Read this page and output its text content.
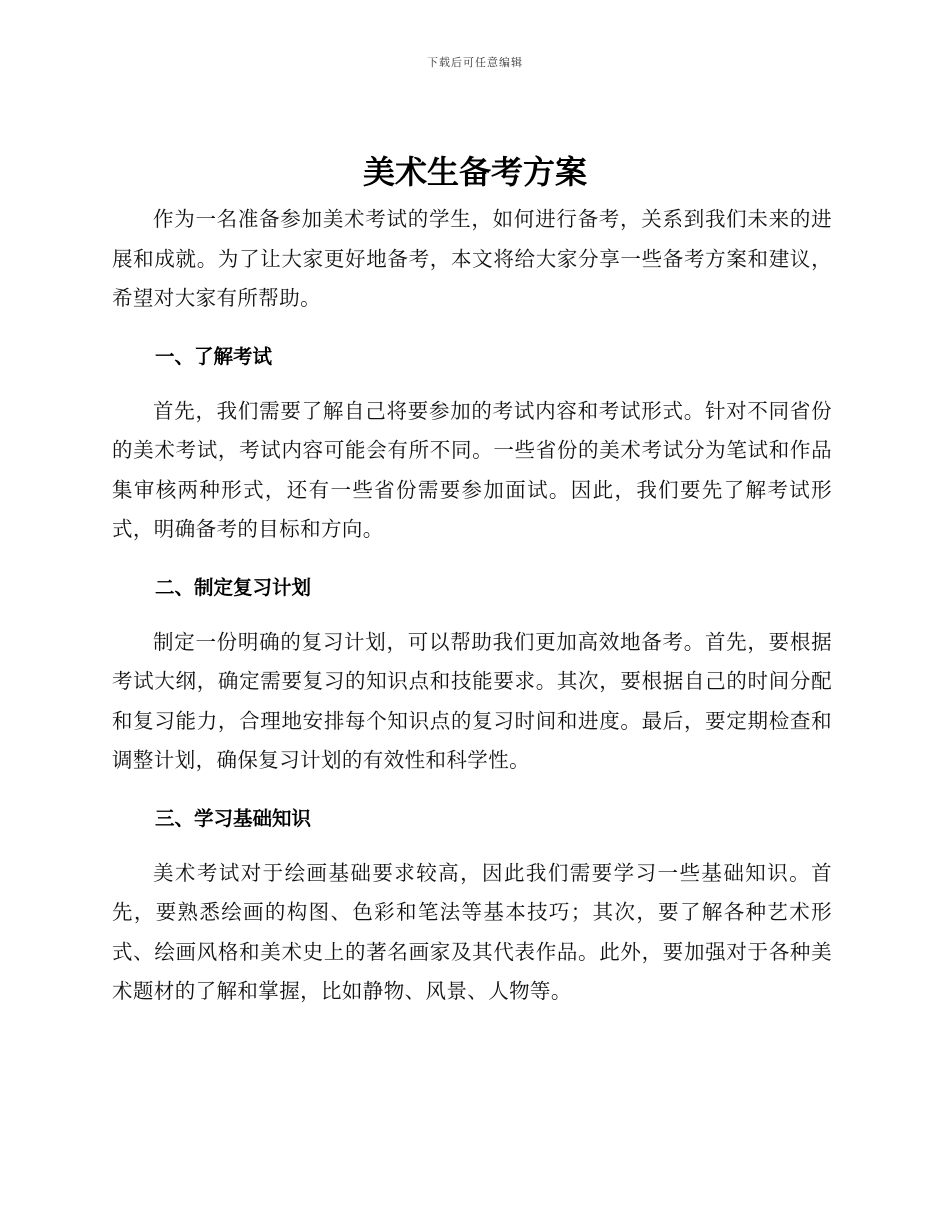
下载后可任意编辑
美术生备考方案

作为一名准备参加美术考试的学生，如何进行备考，关系到我们未来的进展和成就。为了让大家更好地备考，本文将给大家分享一些备考方案和建议，希望对大家有所帮助。

一、了解考试

首先，我们需要了解自己将要参加的考试内容和考试形式。针对不同省份的美术考试，考试内容可能会有所不同。一些省份的美术考试分为笔试和作品集审核两种形式，还有一些省份需要参加面试。因此，我们要先了解考试形式，明确备考的目标和方向。

二、制定复习计划

制定一份明确的复习计划，可以帮助我们更加高效地备考。首先，要根据考试大纲，确定需要复习的知识点和技能要求。其次，要根据自己的时间分配和复习能力，合理地安排每个知识点的复习时间和进度。最后，要定期检查和调整计划，确保复习计划的有效性和科学性。

三、学习基础知识

美术考试对于绘画基础要求较高，因此我们需要学习一些基础知识。首先，要熟悉绘画的构图、色彩和笔法等基本技巧；其次，要了解各种艺术形式、绘画风格和美术史上的著名画家及其代表作品。此外，要加强对于各种美术题材的了解和掌握，比如静物、风景、人物等。
